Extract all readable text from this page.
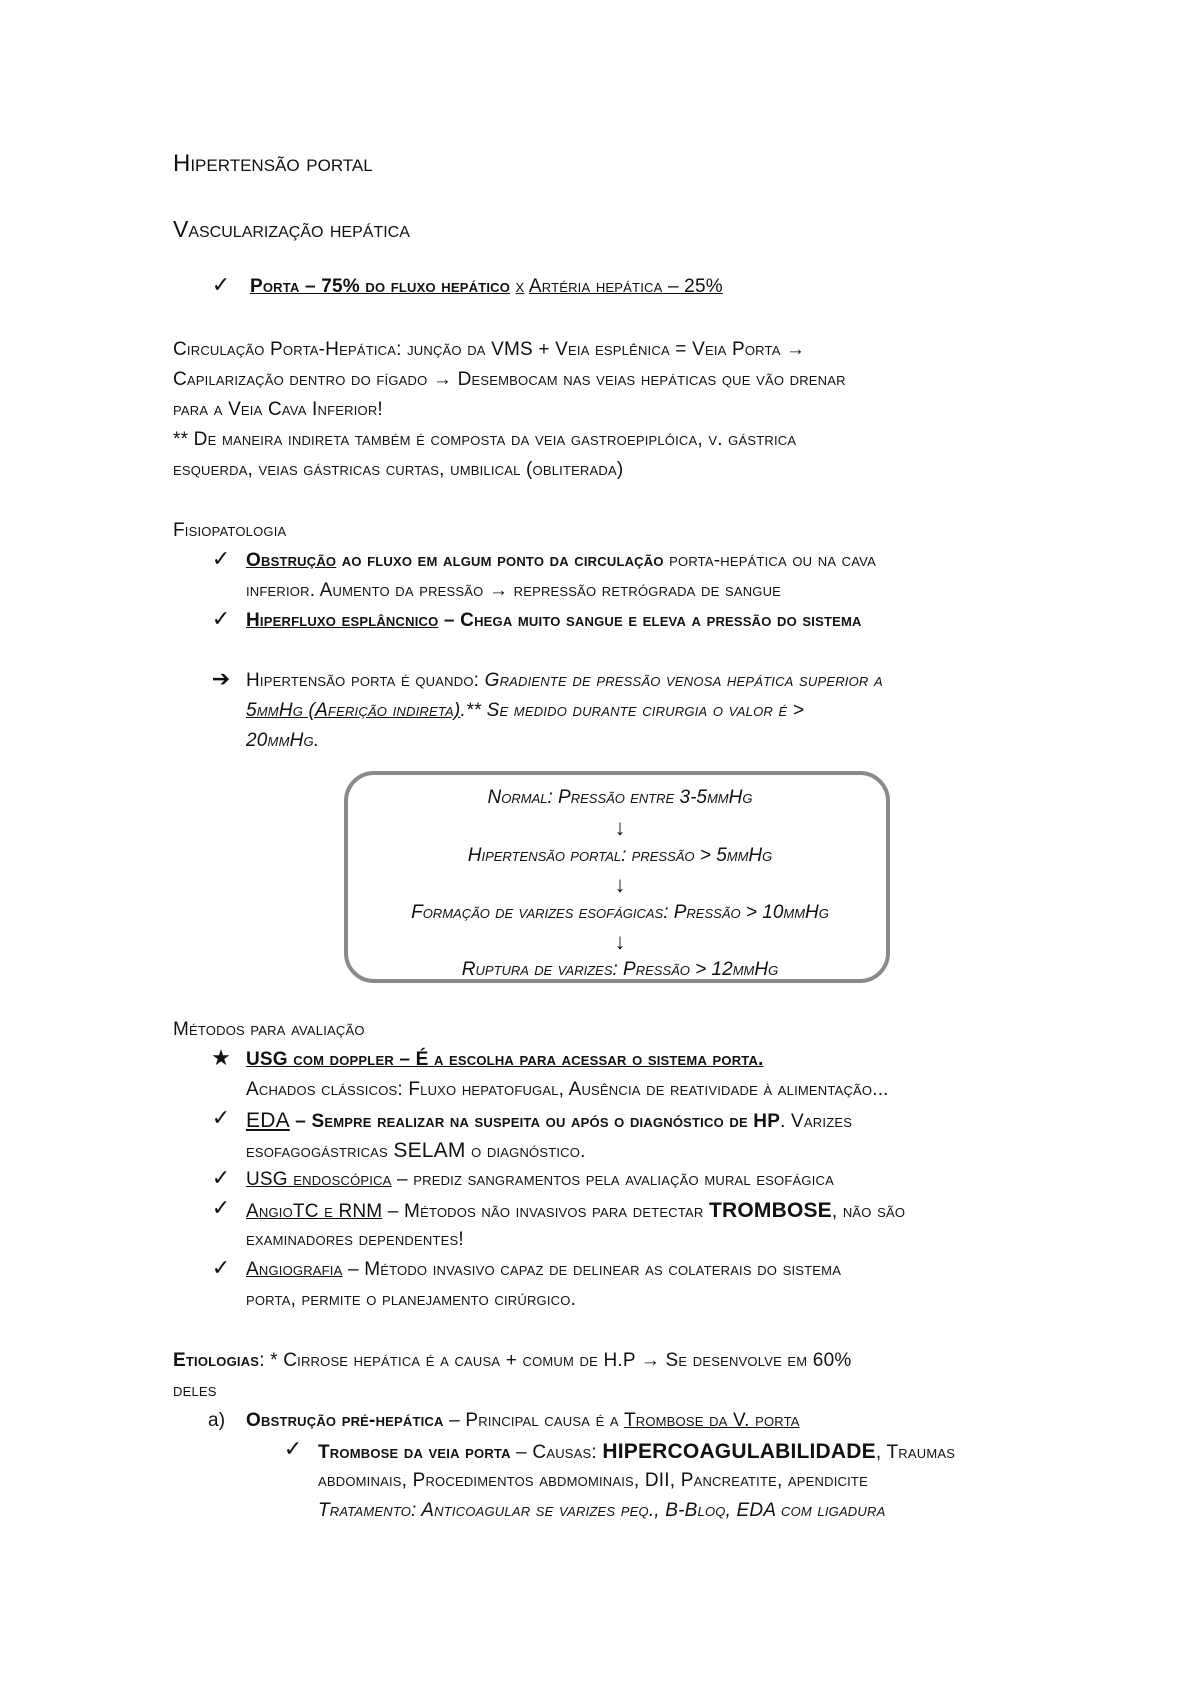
Hipertensão portal
Vascularização hepática
✓ Porta – 75% do fluxo hepático x Artéria hepática – 25%
Circulação Porta-Hepática: junção da VMS + Veia esplênica = Veia Porta →
Capilarização dentro do fígado → Desembocam nas veias hepáticas que vão drenar
para a Veia Cava Inferior!
** De maneira indireta também é composta da veia gastroepiplóica, v. gástrica
esquerda, veias gástricas curtas, umbilical (obliterada)
Fisiopatologia
✓ Obstrução ao fluxo em algum ponto da circulação porta-hepática ou na cava
inferior. Aumento da pressão → repressão retrógrada de sangue
✓ Hiperfluxo esplâncnico – Chega muito sangue e eleva a pressão do sistema
➔ Hipertensão porta é quando: Gradiente de pressão venosa hepática superior a
5mmHg (Aferição indireta).** Se medido durante cirurgia o valor é >
20mmHg.
Normal: Pressão entre 3-5mmHg
↓
Hipertensão portal: pressão > 5mmHg
↓
Formação de varizes esofágicas: Pressão > 10mmHg
↓
Ruptura de varizes: Pressão > 12mmHg
Métodos para avaliação
★ USG com doppler – É a escolha para acessar o sistema porta.
Achados clássicos: Fluxo hepatofugal, Ausência de reatividade à alimentação...
✓ EDA – Sempre realizar na suspeita ou após o diagnóstico de HP. Varizes
esofagogástricas SELAM o diagnóstico.
✓ USG endoscópica – prediz sangramentos pela avaliação mural esofágica
✓ AngioTC e RNM – Métodos não invasivos para detectar TROMBOSE, não são
examinadores dependentes!
✓ Angiografia – Método invasivo capaz de delinear as colaterais do sistema
porta, permite o planejamento cirúrgico.
Etiologias: * Cirrose hepática é a causa + comum de H.P → Se desenvolve em 60%
deles
a) Obstrução pré-hepática – Principal causa é a Trombose da V. porta
✓ Trombose da veia porta – Causas: HIPERCOAGULABILIDADE, Traumas
abdominais, Procedimentos abdmominais, DII, Pancreatite, apendicite
Tratamento: Anticoagular se varizes peq., B-Bloq, EDA com ligadura
